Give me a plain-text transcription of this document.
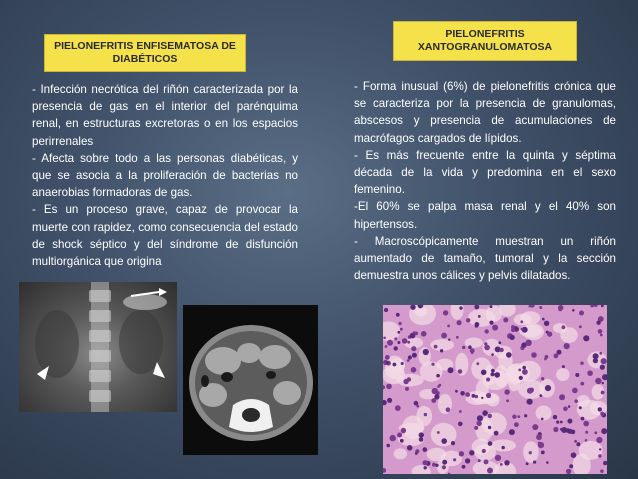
PIELONEFRITIS ENFISEMATOSA DE DIABÉTICOS

- Infección necrótica del riñón caracterizada por la presencia de gas en el interior del parénquima renal, en estructuras excretoras o en los espacios perirrenales

- Afecta sobre todo a las personas diabéticas, y que se asocia a la proliferación de bacterias no anaerobias formadoras de gas.

- Es un proceso grave, capaz de provocar la muerte con rapidez, como consecuencia del estado de shock séptico y del síndrome de disfunción multiorgánica que origina

PIELONEFRITIS XANTOGRANULOMATOSA

- Forma inusual (6%) de pielonefritis crónica que se caracteriza por la presencia de granulomas, abscesos y presencia de acumulaciones de macrófagos cargados de lípidos.

- Es más frecuente entre la quinta y séptima década de la vida y predomina en el sexo femenino.

-El 60% se palpa masa renal y el 40% son hipertensos.

- Macroscópicamente muestran un riñón aumentado de tamaño, tumoral y la sección demuestra unos cálices y pelvis dilatados.
